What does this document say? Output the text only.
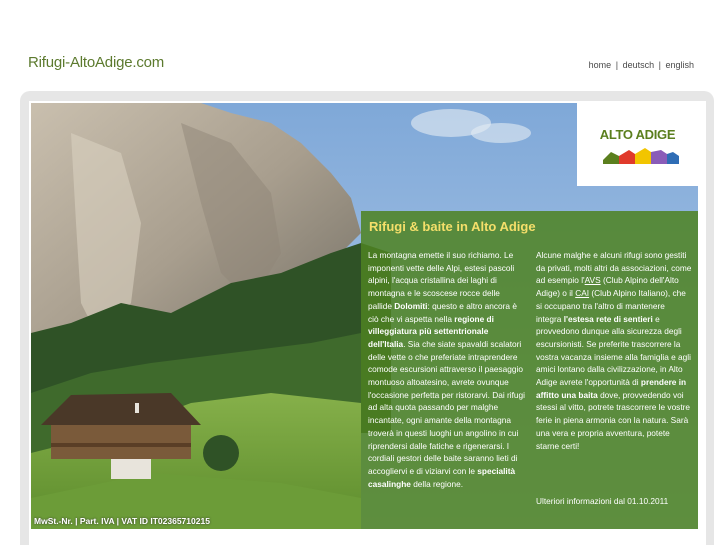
Rifugi-AltoAdige.com	home | deutsch | english
ALTO ADIGE
MwSt.-Nr. | Part. IVA | VAT ID IT02365710215
Rifugi & baite in Alto Adige

La montagna emette il suo richiamo. Le imponenti vette delle Alpi, estesi pascoli alpini, l'acqua cristallina dei laghi di montagna e le scoscese rocce delle pallide Dolomiti: questo e altro ancora è ciò che vi aspetta nella regione di villeggiatura più settentrionale dell'Italia. Sia che siate spavaldi scalatori delle vette o che preferiate intraprendere comode escursioni attraverso il paesaggio montuoso altoatesino, avrete ovunque l'occasione perfetta per ristorarvi. Dai rifugi ad alta quota passando per malghe incantate, ogni amante della montagna troverà in questi luoghi un angolino in cui riprendersi dalle fatiche e rigenerarsi. I cordiali gestori delle baite saranno lieti di accogliervi e di viziarvi con le specialità casalinghe della regione.

Alcune malghe e alcuni rifugi sono gestiti da privati, molti altri da associazioni, come ad esempio l'AVS (Club Alpino dell'Alto Adige) o il CAI (Club Alpino Italiano), che si occupano tra l'altro di mantenere integra l'estesa rete di sentieri e provvedono dunque alla sicurezza degli escursionisti. Se preferite trascorrere la vostra vacanza insieme alla famiglia e agli amici lontano dalla civilizzazione, in Alto Adige avrete l'opportunità di prendere in affitto una baita dove, provvedendo voi stessi al vitto, potrete trascorrere le vostre ferie in piena armonia con la natura. Sarà una vera e propria avventura, potete starne certi!

Ulteriori informazioni dal 01.10.2011
